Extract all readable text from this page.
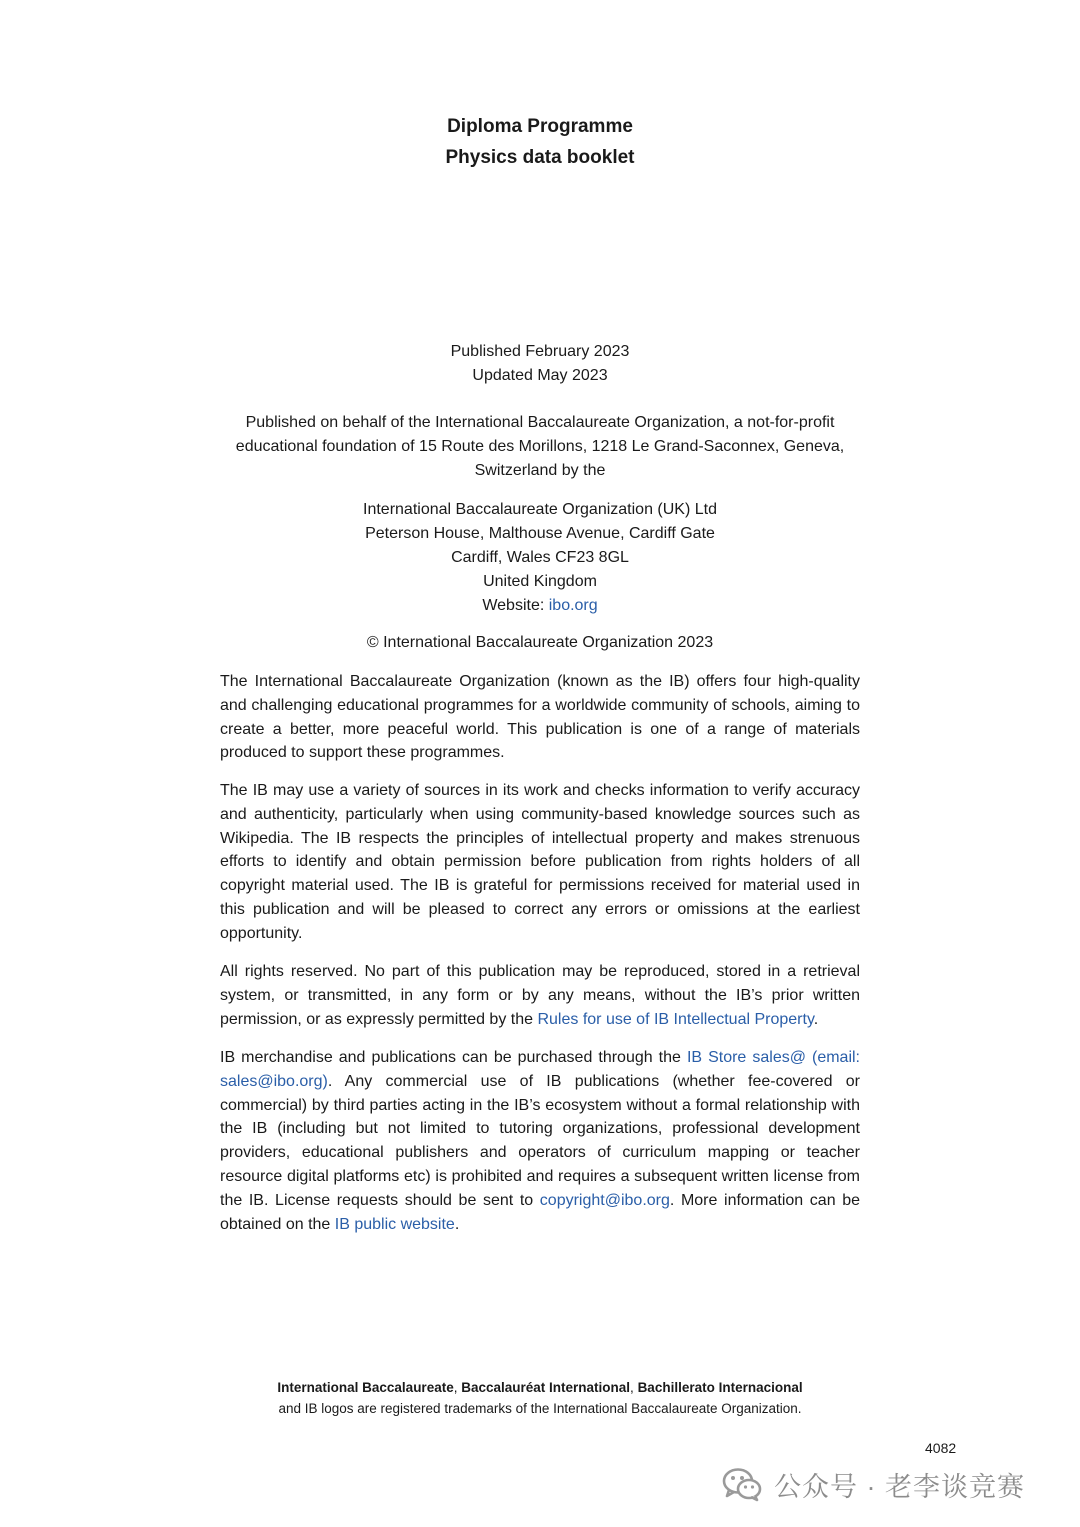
Diploma Programme
Physics data booklet
Published February 2023
Updated May 2023
Published on behalf of the International Baccalaureate Organization, a not-for-profit educational foundation of 15 Route des Morillons, 1218 Le Grand-Saconnex, Geneva, Switzerland by the
International Baccalaureate Organization (UK) Ltd
Peterson House, Malthouse Avenue, Cardiff Gate
Cardiff, Wales CF23 8GL
United Kingdom
Website: ibo.org
© International Baccalaureate Organization 2023
The International Baccalaureate Organization (known as the IB) offers four high-quality and challenging educational programmes for a worldwide community of schools, aiming to create a better, more peaceful world. This publication is one of a range of materials produced to support these programmes.
The IB may use a variety of sources in its work and checks information to verify accuracy and authenticity, particularly when using community-based knowledge sources such as Wikipedia. The IB respects the principles of intellectual property and makes strenuous efforts to identify and obtain permission before publication from rights holders of all copyright material used. The IB is grateful for permissions received for material used in this publication and will be pleased to correct any errors or omissions at the earliest opportunity.
All rights reserved. No part of this publication may be reproduced, stored in a retrieval system, or transmitted, in any form or by any means, without the IB’s prior written permission, or as expressly permitted by the Rules for use of IB Intellectual Property.
IB merchandise and publications can be purchased through the IB Store sales@ (email: sales@ibo.org). Any commercial use of IB publications (whether fee-covered or commercial) by third parties acting in the IB’s ecosystem without a formal relationship with the IB (including but not limited to tutoring organizations, professional development providers, educational publishers and operators of curriculum mapping or teacher resource digital platforms etc) is prohibited and requires a subsequent written license from the IB. License requests should be sent to copyright@ibo.org. More information can be obtained on the IB public website.
International Baccalaureate, Baccalauréat International, Bachillerato Internacional
and IB logos are registered trademarks of the International Baccalaureate Organization.
4082
公众号 · 老李谈竞赛
